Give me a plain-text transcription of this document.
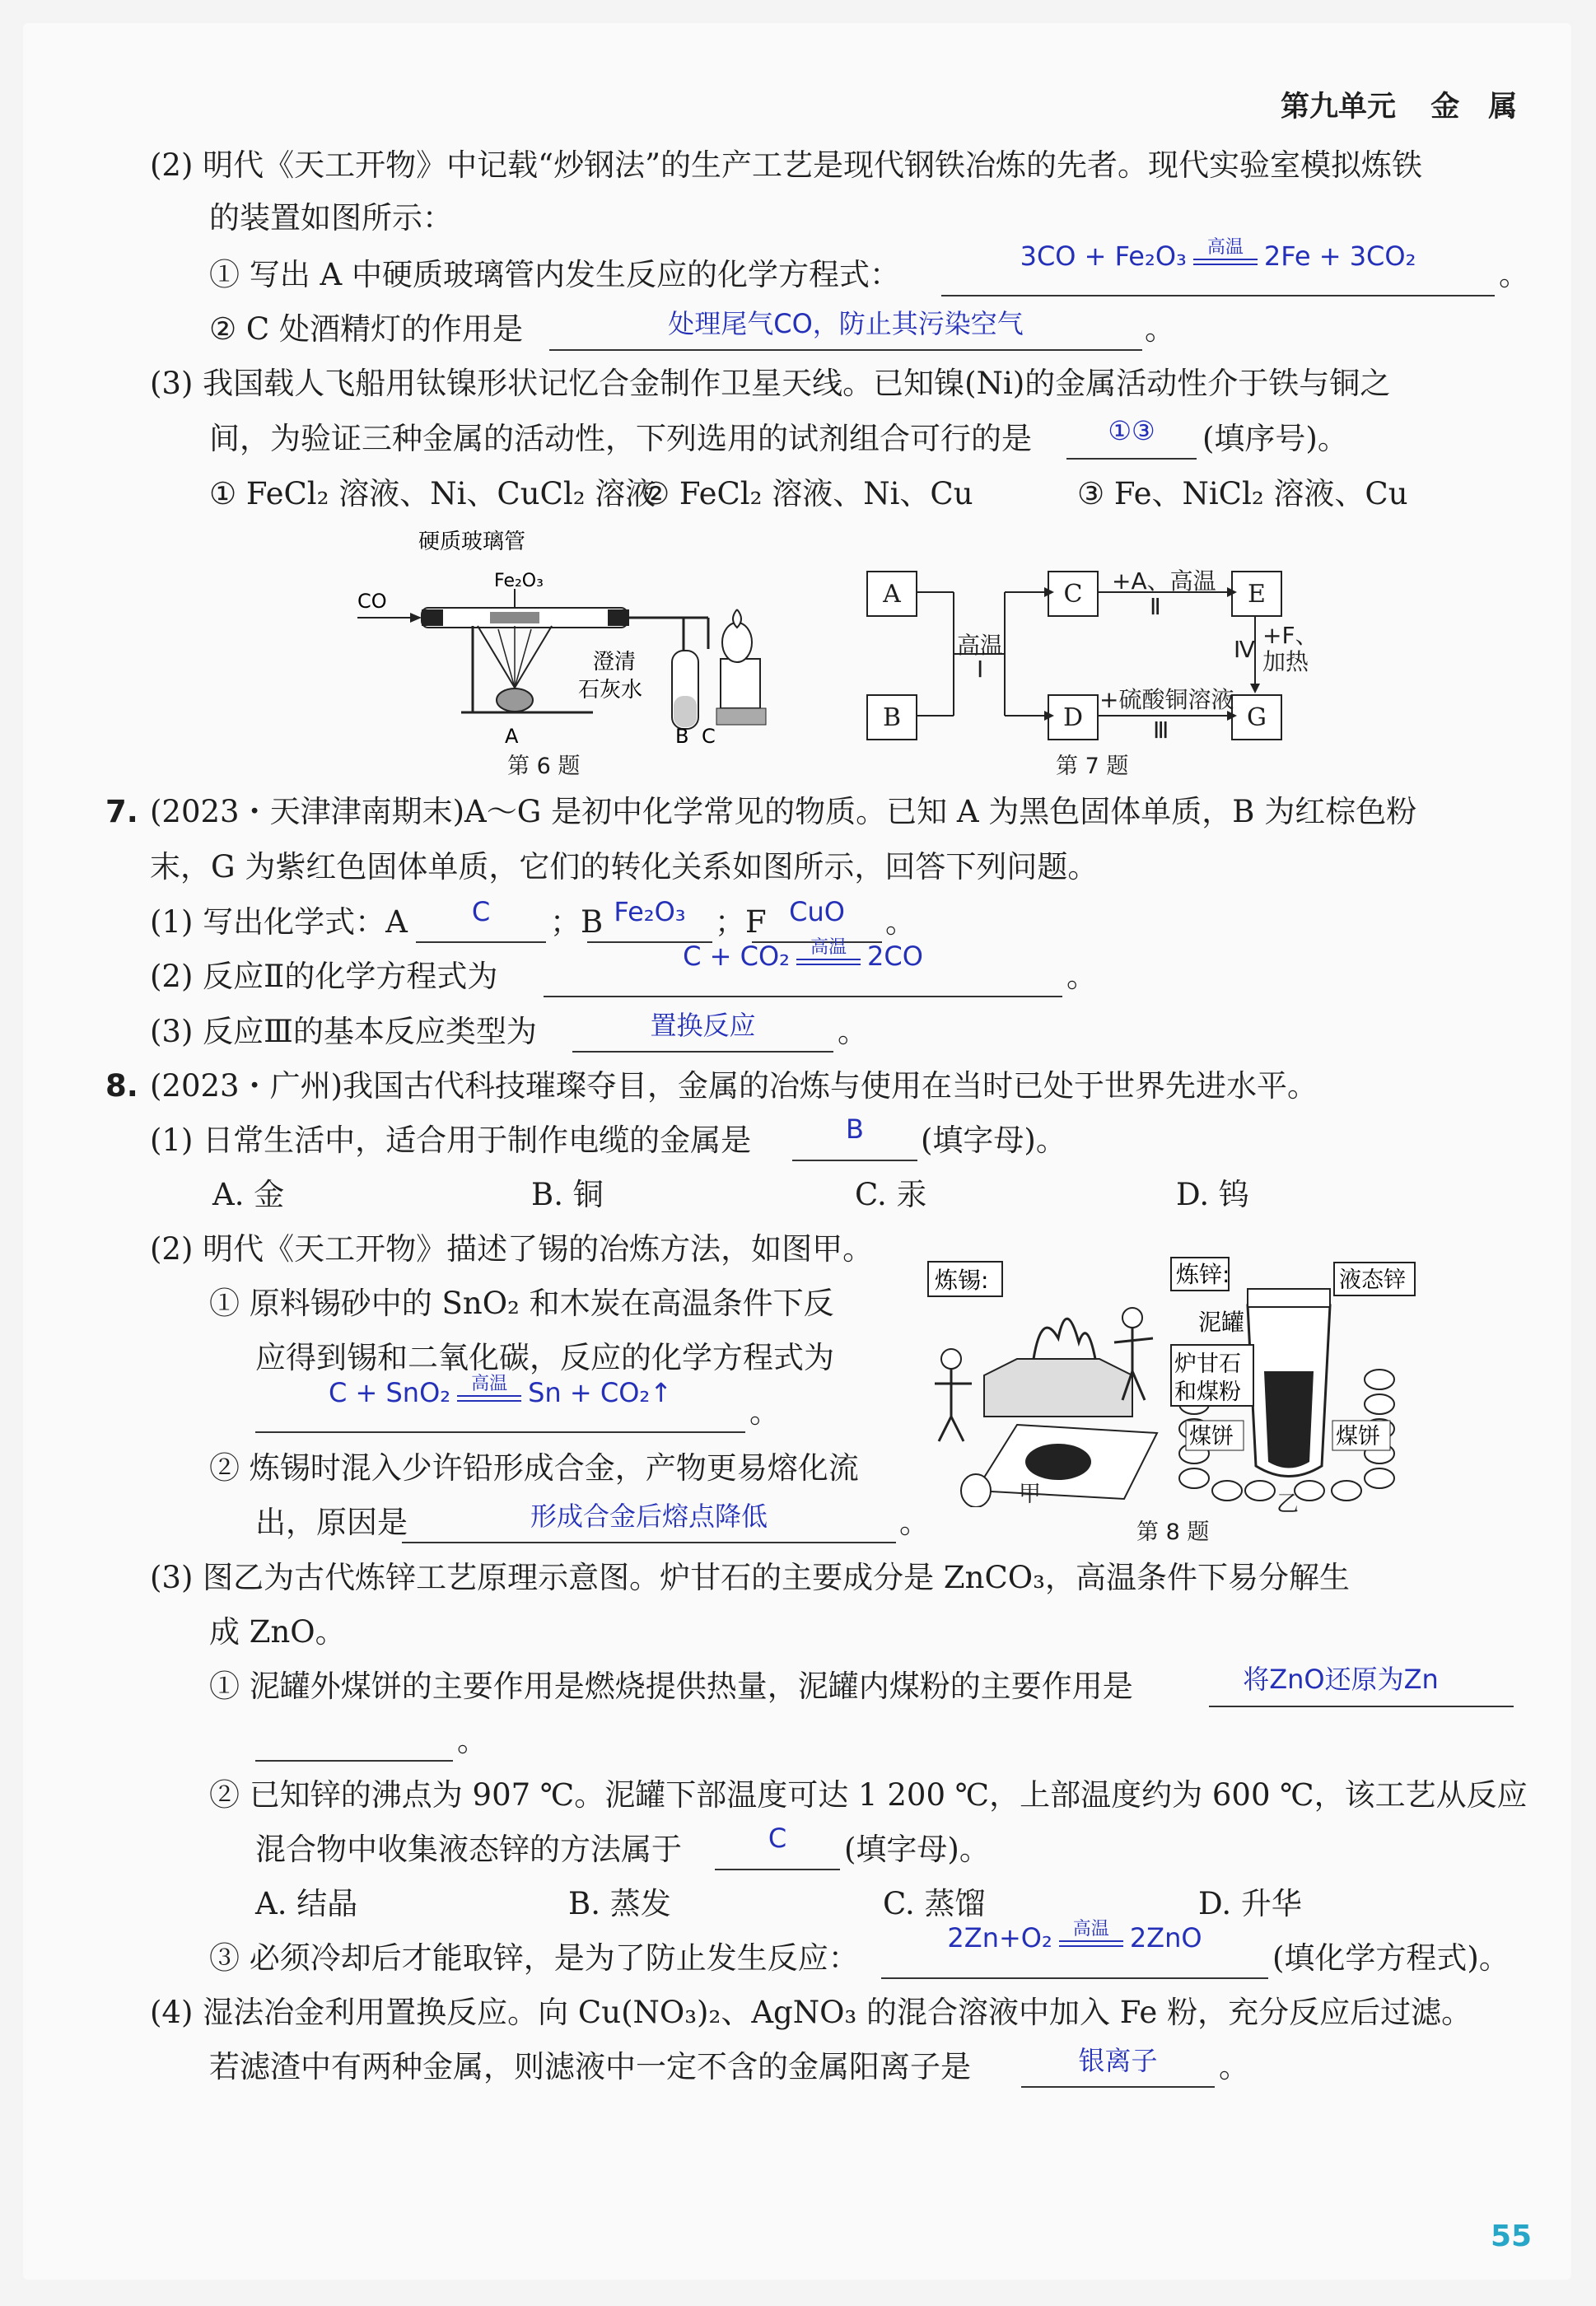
第九单元 金　属
(2) 明代《天工开物》中记载“炒钢法”的生产工艺是现代钢铁冶炼的先者。现代实验室模拟炼铁
的装置如图所示：
① 写出 A 中硬质玻璃管内发生反应的化学方程式：
3CO + Fe₂O₃ 高温 2Fe + 3CO₂
。
② C 处酒精灯的作用是	处理尾气CO，防止其污染空气	。
(3) 我国载人飞船用钛镍形状记忆合金制作卫星天线。已知镍(Ni)的金属活动性介于铁与铜之
间，为验证三种金属的活动性，下列选用的试剂组合可行的是	①③	(填序号)。
① FeCl₂ 溶液、Ni、CuCl₂ 溶液
② FeCl₂ 溶液、Ni、Cu	③ Fe、NiCl₂ 溶液、Cu
硬质玻璃管
Fe₂O₃
CO
澄清
石灰水
A	B C
第 6 题
A
B
C
D
E
G
高温
Ⅰ
+A、高温
Ⅱ
+硫酸铜溶液
Ⅲ
+F、
加热
Ⅳ
第 7 题
7. (2023・天津津南期末)A～G 是初中化学常见的物质。已知 A 为黑色固体单质，B 为红棕色粉
末，G 为紫红色固体单质，它们的转化关系如图所示，回答下列问题。
(1) 写出化学式：A	C	；B Fe₂O₃ ；F CuO	。
(2) 反应Ⅱ的化学方程式为
C + CO₂ 高温 2CO
。
(3) 反应Ⅲ的基本反应类型为	置换反应	。
8. (2023・广州)我国古代科技璀璨夺目，金属的冶炼与使用在当时已处于世界先进水平。
(1) 日常生活中，适合用于制作电缆的金属是	B	(填字母)。
A. 金	B. 铜	C. 汞	D. 钨
(2) 明代《天工开物》描述了锡的冶炼方法，如图甲。
① 原料锡砂中的 SnO₂ 和木炭在高温条件下反
应得到锡和二氧化碳，反应的化学方程式为
C + SnO₂ 高温 Sn + CO₂↑
。
② 炼锡时混入少许铅形成合金，产物更易熔化流
出，原因是	形成合金后熔点降低	。
炼锡:
甲
炼锌:	液态锌
泥罐
炉甘石
和煤粉
煤饼	煤饼
乙
第 8 题
(3) 图乙为古代炼锌工艺原理示意图。炉甘石的主要成分是 ZnCO₃，高温条件下易分解生
成 ZnO。
① 泥罐外煤饼的主要作用是燃烧提供热量，泥罐内煤粉的主要作用是	将ZnO还原为Zn
。
② 已知锌的沸点为 907 ℃。泥罐下部温度可达 1 200 ℃，上部温度约为 600 ℃，该工艺从反应
混合物中收集液态锌的方法属于	C	(填字母)。
A. 结晶	B. 蒸发	C. 蒸馏	D. 升华
③ 必须冷却后才能取锌，是为了防止发生反应：
2Zn+O₂ 高温 2ZnO
(填化学方程式)。
(4) 湿法冶金利用置换反应。向 Cu(NO₃)₂、AgNO₃ 的混合溶液中加入 Fe 粉，充分反应后过滤。
若滤渣中有两种金属，则滤液中一定不含的金属阳离子是	银离子	。
55
